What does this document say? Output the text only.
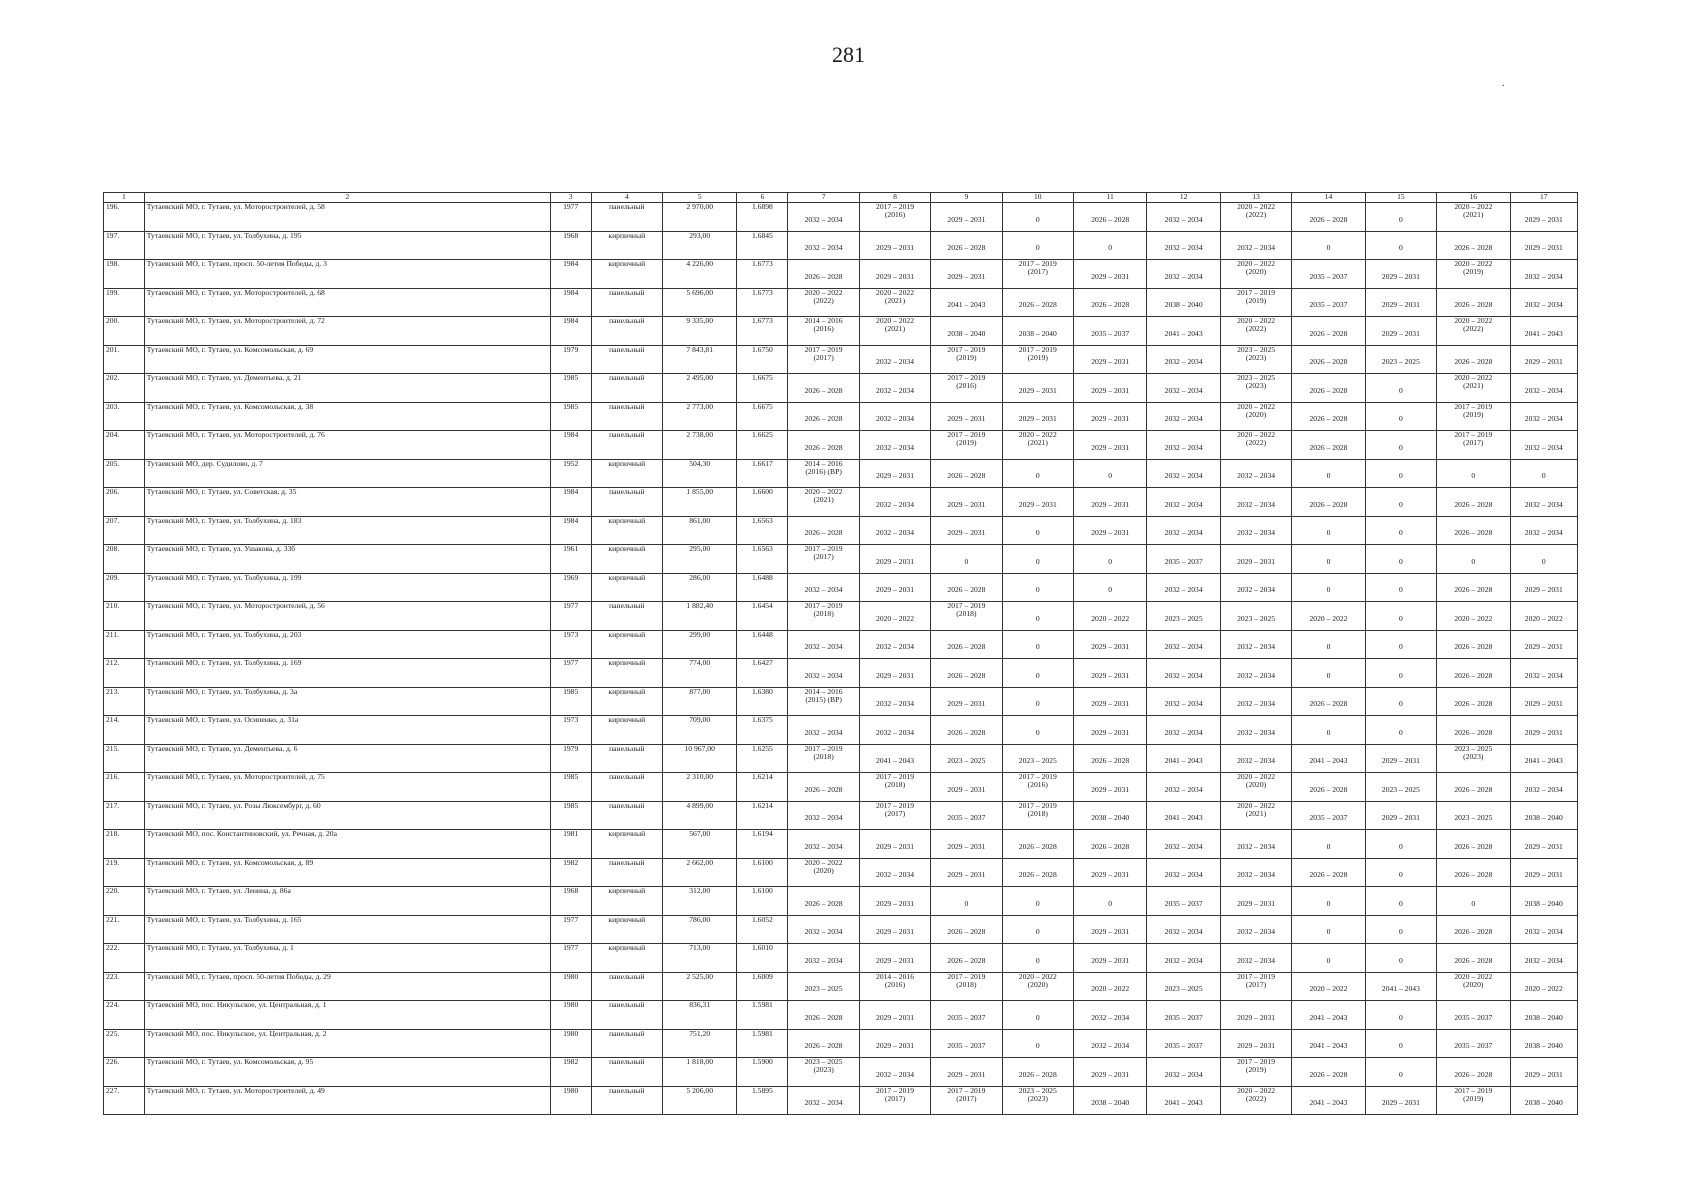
281
.
1	2	3	4	5	6	7	8	9	10	11	12	13	14	15	16	17
196.	Тутаевский МО, г. Тутаев, ул. Моторостроителей, д. 58	1977	панельный	2 970,00	1.6898	2032 – 2034	2017 – 2019
(2016)	2029 – 2031	0	2026 – 2028	2032 – 2034	2020 – 2022
(2022)	2026 – 2028	0	2020 – 2022
(2021)	2029 – 2031
197.	Тутаевский МО, г. Тутаев, ул. Толбухина, д. 195	1968	кирпичный	293,00	1.6845	2032 – 2034	2029 – 2031	2026 – 2028	0	0	2032 – 2034	2032 – 2034	0	0	2026 – 2028	2029 – 2031
198.	Тутаевский МО, г. Тутаев, просп. 50-летия Победы, д. 3	1984	кирпичный	4 226,00	1.6773	2026 – 2028	2029 – 2031	2029 – 2031	2017 – 2019
(2017)	2029 – 2031	2032 – 2034	2020 – 2022
(2020)	2035 – 2037	2029 – 2031	2020 – 2022
(2019)	2032 – 2034
199.	Тутаевский МО, г. Тутаев, ул. Моторостроителей, д. 68	1984	панельный	5 696,00	1.6773	2020 – 2022
(2022)	2020 – 2022
(2021)	2041 – 2043	2026 – 2028	2026 – 2028	2038 – 2040	2017 – 2019
(2019)	2035 – 2037	2029 – 2031	2026 – 2028	2032 – 2034
200.	Тутаевский МО, г. Тутаев, ул. Моторостроителей, д. 72	1984	панельный	9 335,00	1.6773	2014 – 2016
(2016)	2020 – 2022
(2021)	2038 – 2040	2038 – 2040	2035 – 2037	2041 – 2043	2020 – 2022
(2022)	2026 – 2028	2029 – 2031	2020 – 2022
(2022)	2041 – 2043
201.	Тутаевский МО, г. Тутаев, ул. Комсомольская, д. 69	1979	панельный	7 843,81	1.6750	2017 – 2019
(2017)	2032 – 2034	2017 – 2019
(2019)	2017 – 2019
(2019)	2029 – 2031	2032 – 2034	2023 – 2025
(2023)	2026 – 2028	2023 – 2025	2026 – 2028	2029 – 2031
202.	Тутаевский МО, г. Тутаев, ул. Дементьева, д. 21	1985	панельный	2 495,00	1.6675	2026 – 2028	2032 – 2034	2017 – 2019
(2016)	2029 – 2031	2029 – 2031	2032 – 2034	2023 – 2025
(2023)	2026 – 2028	0	2020 – 2022
(2021)	2032 – 2034
203.	Тутаевский МО, г. Тутаев, ул. Комсомольская, д. 38	1985	панельный	2 773,00	1.6675	2026 – 2028	2032 – 2034	2029 – 2031	2029 – 2031	2029 – 2031	2032 – 2034	2020 – 2022
(2020)	2026 – 2028	0	2017 – 2019
(2019)	2032 – 2034
204.	Тутаевский МО, г. Тутаев, ул. Моторостроителей, д. 76	1984	панельный	2 738,00	1.6625	2026 – 2028	2032 – 2034	2017 – 2019
(2019)	2020 – 2022
(2021)	2029 – 2031	2032 – 2034	2020 – 2022
(2022)	2026 – 2028	0	2017 – 2019
(2017)	2032 – 2034
205.	Тутаевский МО, дер. Судилово, д. 7	1952	кирпичный	504,30	1.6617	2014 – 2016
(2016) (ВР)	2029 – 2031	2026 – 2028	0	0	2032 – 2034	2032 – 2034	0	0	0	0
206.	Тутаевский МО, г. Тутаев, ул. Советская, д. 35	1984	панельный	1 855,00	1.6600	2020 – 2022
(2021)	2032 – 2034	2029 – 2031	2029 – 2031	2029 – 2031	2032 – 2034	2032 – 2034	2026 – 2028	0	2026 – 2028	2032 – 2034
207.	Тутаевский МО, г. Тутаев, ул. Толбухина, д. 183	1984	кирпичный	861,00	1.6563	2026 – 2028	2032 – 2034	2029 – 2031	0	2029 – 2031	2032 – 2034	2032 – 2034	0	0	2026 – 2028	2032 – 2034
208.	Тутаевский МО, г. Тутаев, ул. Ушакова, д. 33б	1961	кирпичный	295,00	1.6563	2017 – 2019
(2017)	2029 – 2031	0	0	0	2035 – 2037	2029 – 2031	0	0	0	0
209.	Тутаевский МО, г. Тутаев, ул. Толбухина, д. 199	1969	кирпичный	286,00	1.6488	2032 – 2034	2029 – 2031	2026 – 2028	0	0	2032 – 2034	2032 – 2034	0	0	2026 – 2028	2029 – 2031
210.	Тутаевский МО, г. Тутаев, ул. Моторостроителей, д. 56	1977	панельный	1 882,40	1.6454	2017 – 2019
(2018)	2020 – 2022	2017 – 2019
(2018)	0	2020 – 2022	2023 – 2025	2023 – 2025	2020 – 2022	0	2020 – 2022	2020 – 2022
211.	Тутаевский МО, г. Тутаев, ул. Толбухина, д. 203	1973	кирпичный	299,00	1.6448	2032 – 2034	2032 – 2034	2026 – 2028	0	2029 – 2031	2032 – 2034	2032 – 2034	0	0	2026 – 2028	2029 – 2031
212.	Тутаевский МО, г. Тутаев, ул. Толбухина, д. 169	1977	кирпичный	774,00	1.6427	2032 – 2034	2029 – 2031	2026 – 2028	0	2029 – 2031	2032 – 2034	2032 – 2034	0	0	2026 – 2028	2032 – 2034
213.	Тутаевский МО, г. Тутаев, ул. Толбухина, д. 3а	1985	кирпичный	877,00	1.6380	2014 – 2016
(2015) (ВР)	2032 – 2034	2029 – 2031	0	2029 – 2031	2032 – 2034	2032 – 2034	2026 – 2028	0	2026 – 2028	2029 – 2031
214.	Тутаевский МО, г. Тутаев, ул. Осипенко, д. 31а	1973	кирпичный	709,00	1.6375	2032 – 2034	2032 – 2034	2026 – 2028	0	2029 – 2031	2032 – 2034	2032 – 2034	0	0	2026 – 2028	2029 – 2031
215.	Тутаевский МО, г. Тутаев, ул. Дементьева, д. 6	1979	панельный	10 967,00	1.6255	2017 – 2019
(2018)	2041 – 2043	2023 – 2025	2023 – 2025	2026 – 2028	2041 – 2043	2032 – 2034	2041 – 2043	2029 – 2031	2023 – 2025
(2023)	2041 – 2043
216.	Тутаевский МО, г. Тутаев, ул. Моторостроителей, д. 75	1985	панельный	2 310,00	1.6214	2026 – 2028	2017 – 2019
(2018)	2029 – 2031	2017 – 2019
(2016)	2029 – 2031	2032 – 2034	2020 – 2022
(2020)	2026 – 2028	2023 – 2025	2026 – 2028	2032 – 2034
217.	Тутаевский МО, г. Тутаев, ул. Розы Люксембург, д. 60	1985	панельный	4 899,00	1.6214	2032 – 2034	2017 – 2019
(2017)	2035 – 2037	2017 – 2019
(2018)	2038 – 2040	2041 – 2043	2020 – 2022
(2021)	2035 – 2037	2029 – 2031	2023 – 2025	2038 – 2040
218.	Тутаевский МО, пос. Константиновский, ул. Речная, д. 20а	1981	кирпичный	567,00	1.6194	2032 – 2034	2029 – 2031	2029 – 2031	2026 – 2028	2026 – 2028	2032 – 2034	2032 – 2034	0	0	2026 – 2028	2029 – 2031
219.	Тутаевский МО, г. Тутаев, ул. Комсомольская, д. 89	1982	панельный	2 662,00	1.6100	2020 – 2022
(2020)	2032 – 2034	2029 – 2031	2026 – 2028	2029 – 2031	2032 – 2034	2032 – 2034	2026 – 2028	0	2026 – 2028	2029 – 2031
220.	Тутаевский МО, г. Тутаев, ул. Ленина, д. 86а	1968	кирпичный	312,00	1.6100	2026 – 2028	2029 – 2031	0	0	0	2035 – 2037	2029 – 2031	0	0	0	2038 – 2040
221.	Тутаевский МО, г. Тутаев, ул. Толбухина, д. 165	1977	кирпичный	786,00	1.6052	2032 – 2034	2029 – 2031	2026 – 2028	0	2029 – 2031	2032 – 2034	2032 – 2034	0	0	2026 – 2028	2032 – 2034
222.	Тутаевский МО, г. Тутаев, ул. Толбухина, д. 1	1977	кирпичный	713,00	1.6010	2032 – 2034	2029 – 2031	2026 – 2028	0	2029 – 2031	2032 – 2034	2032 – 2034	0	0	2026 – 2028	2032 – 2034
223.	Тутаевский МО, г. Тутаев, просп. 50-летия Победы, д. 29	1980	панельный	2 525,00	1.6009	2023 – 2025	2014 – 2016
(2016)	2017 – 2019
(2018)	2020 – 2022
(2020)	2020 – 2022	2023 – 2025	2017 – 2019
(2017)	2020 – 2022	2041 – 2043	2020 – 2022
(2020)	2020 – 2022
224.	Тутаевский МО, пос. Никульское, ул. Центральная, д. 1	1980	панельный	836,31	1.5981	2026 – 2028	2029 – 2031	2035 – 2037	0	2032 – 2034	2035 – 2037	2029 – 2031	2041 – 2043	0	2035 – 2037	2038 – 2040
225.	Тутаевский МО, пос. Никульское, ул. Центральная, д. 2	1980	панельный	751,20	1.5981	2026 – 2028	2029 – 2031	2035 – 2037	0	2032 – 2034	2035 – 2037	2029 – 2031	2041 – 2043	0	2035 – 2037	2038 – 2040
226.	Тутаевский МО, г. Тутаев, ул. Комсомольская, д. 95	1982	панельный	1 818,00	1.5900	2023 – 2025
(2023)	2032 – 2034	2029 – 2031	2026 – 2028	2029 – 2031	2032 – 2034	2017 – 2019
(2019)	2026 – 2028	0	2026 – 2028	2029 – 2031
227.	Тутаевский МО, г. Тутаев, ул. Моторостроителей, д. 49	1980	панельный	5 206,00	1.5895	2032 – 2034	2017 – 2019
(2017)	2017 – 2019
(2017)	2023 – 2025
(2023)	2038 – 2040	2041 – 2043	2020 – 2022
(2022)	2041 – 2043	2029 – 2031	2017 – 2019
(2019)	2038 – 2040
